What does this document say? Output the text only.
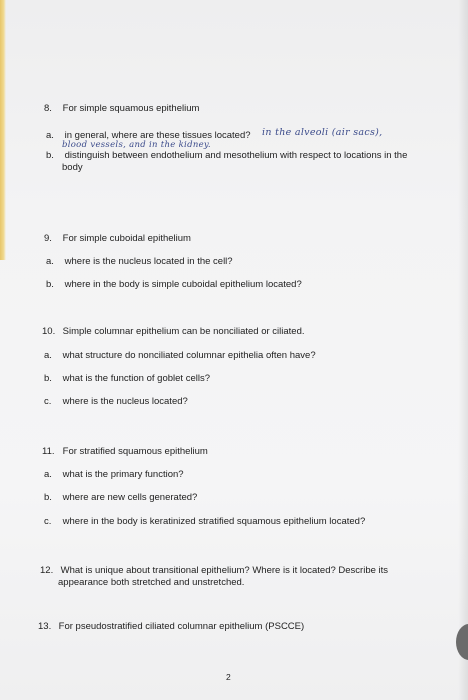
8. For simple squamous epithelium
a. in general, where are these tissues located? in the alveoli (air sacs),
blood vessels, and in the kidney.
b. distinguish between endothelium and mesothelium with respect to locations in the
body
9. For simple cuboidal epithelium
a. where is the nucleus located in the cell?
b. where in the body is simple cuboidal epithelium located?
10. Simple columnar epithelium can be nonciliated or ciliated.
a. what structure do nonciliated columnar epithelia often have?
b. what is the function of goblet cells?
c. where is the nucleus located?
11. For stratified squamous epithelium
a. what is the primary function?
b. where are new cells generated?
c. where in the body is keratinized stratified squamous epithelium located?
12. What is unique about transitional epithelium? Where is it located? Describe its
appearance both stretched and unstretched.
13. For pseudostratified ciliated columnar epithelium (PSCCE)
2
